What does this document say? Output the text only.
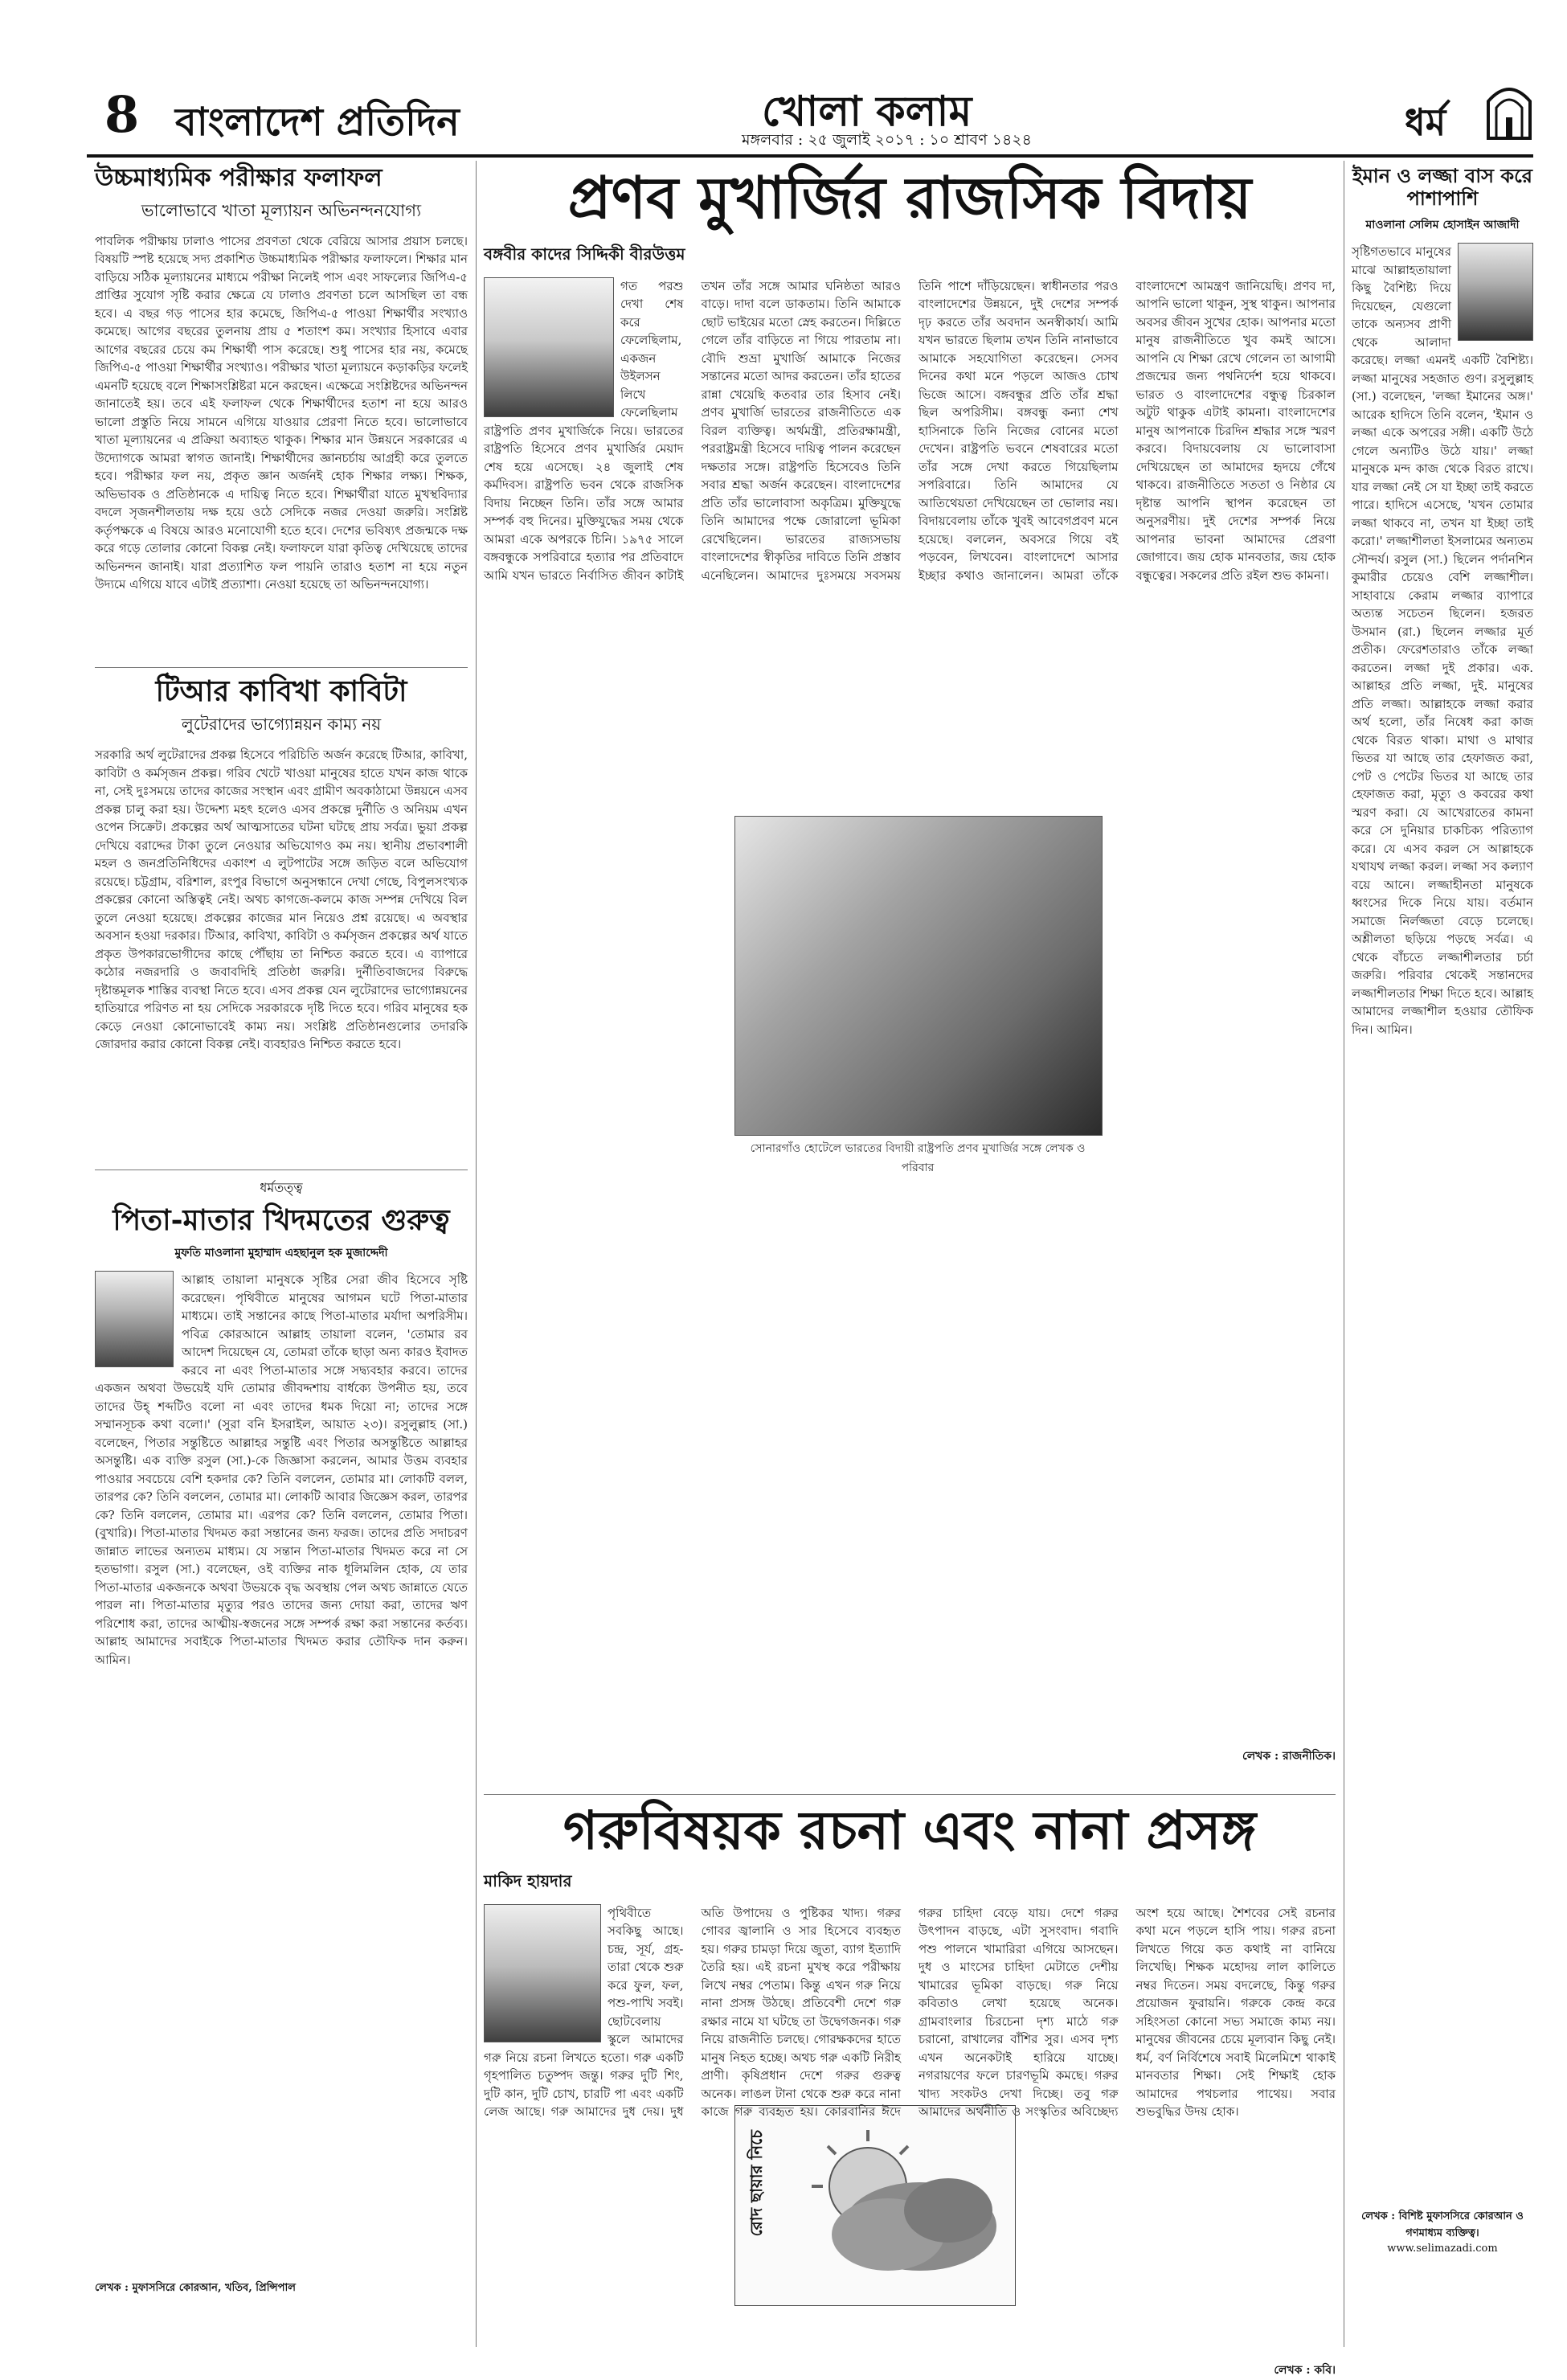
8 বাংলাদেশ প্রতিদিন	খোলা কলাম
মঙ্গলবার : ২৫ জুলাই ২০১৭ : ১০ শ্রাবণ ১৪২৪	ধর্ম
উচ্চমাধ্যমিক পরীক্ষার ফলাফল
ভালোভাবে খাতা মূল্যায়ন অভিনন্দনযোগ্য
পাবলিক পরীক্ষায় ঢালাও পাসের প্রবণতা থেকে বেরিয়ে আসার প্রয়াস চলছে। বিষয়টি স্পষ্ট হয়েছে সদ্য প্রকাশিত উচ্চমাধ্যমিক পরীক্ষার ফলাফলে। শিক্ষার মান বাড়িয়ে সঠিক মূল্যায়নের মাধ্যমে পরীক্ষা নিলেই পাস এবং সাফল্যের জিপিএ-৫ প্রাপ্তির সুযোগ সৃষ্টি করার ক্ষেত্রে যে ঢালাও প্রবণতা চলে আসছিল তা বন্ধ হবে। এ বছর গড় পাসের হার কমেছে, জিপিএ-৫ পাওয়া শিক্ষার্থীর সংখ্যাও কমেছে। আগের বছরের তুলনায় প্রায় ৫ শতাংশ কম। সংখ্যার হিসাবে এবার আগের বছরের চেয়ে কম শিক্ষার্থী পাস করেছে। শুধু পাসের হার নয়, কমেছে জিপিএ-৫ পাওয়া শিক্ষার্থীর সংখ্যাও। পরীক্ষার খাতা মূল্যায়নে কড়াকড়ির ফলেই এমনটি হয়েছে বলে শিক্ষাসংশ্লিষ্টরা মনে করছেন। এক্ষেত্রে সংশ্লিষ্টদের অভিনন্দন জানাতেই হয়। তবে এই ফলাফল থেকে শিক্ষার্থীদের হতাশ না হয়ে আরও ভালো প্রস্তুতি নিয়ে সামনে এগিয়ে যাওয়ার প্রেরণা নিতে হবে। ভালোভাবে খাতা মূল্যায়নের এ প্রক্রিয়া অব্যাহত থাকুক। শিক্ষার মান উন্নয়নে সরকারের এ উদ্যোগকে আমরা স্বাগত জানাই। শিক্ষার্থীদের জ্ঞানচর্চায় আগ্রহী করে তুলতে হবে। পরীক্ষার ফল নয়, প্রকৃত জ্ঞান অর্জনই হোক শিক্ষার লক্ষ্য। শিক্ষক, অভিভাবক ও প্রতিষ্ঠানকে এ দায়িত্ব নিতে হবে। শিক্ষার্থীরা যাতে মুখস্থবিদ্যার বদলে সৃজনশীলতায় দক্ষ হয়ে ওঠে সেদিকে নজর দেওয়া জরুরি। সংশ্লিষ্ট কর্তৃপক্ষকে এ বিষয়ে আরও মনোযোগী হতে হবে। দেশের ভবিষ্যৎ প্রজন্মকে দক্ষ করে গড়ে তোলার কোনো বিকল্প নেই। ফলাফলে যারা কৃতিত্ব দেখিয়েছে তাদের অভিনন্দন জানাই। যারা প্রত্যাশিত ফল পায়নি তারাও হতাশ না হয়ে নতুন উদ্যমে এগিয়ে যাবে এটাই প্রত্যাশা। নেওয়া হয়েছে তা অভিনন্দনযোগ্য।
টিআর কাবিখা কাবিটা
লুটেরাদের ভাগ্যোন্নয়ন কাম্য নয়
সরকারি অর্থ লুটেরাদের প্রকল্প হিসেবে পরিচিতি অর্জন করেছে টিআর, কাবিখা, কাবিটা ও কর্মসৃজন প্রকল্প। গরিব খেটে খাওয়া মানুষের হাতে যখন কাজ থাকে না, সেই দুঃসময়ে তাদের কাজের সংস্থান এবং গ্রামীণ অবকাঠামো উন্নয়নে এসব প্রকল্প চালু করা হয়। উদ্দেশ্য মহৎ হলেও এসব প্রকল্পে দুর্নীতি ও অনিয়ম এখন ওপেন সিক্রেট। প্রকল্পের অর্থ আত্মসাতের ঘটনা ঘটছে প্রায় সর্বত্র। ভুয়া প্রকল্প দেখিয়ে বরাদ্দের টাকা তুলে নেওয়ার অভিযোগও কম নয়। স্থানীয় প্রভাবশালী মহল ও জনপ্রতিনিধিদের একাংশ এ লুটপাটের সঙ্গে জড়িত বলে অভিযোগ রয়েছে। চট্টগ্রাম, বরিশাল, রংপুর বিভাগে অনুসন্ধানে দেখা গেছে, বিপুলসংখ্যক প্রকল্পের কোনো অস্তিত্বই নেই। অথচ কাগজে-কলমে কাজ সম্পন্ন দেখিয়ে বিল তুলে নেওয়া হয়েছে। প্রকল্পের কাজের মান নিয়েও প্রশ্ন রয়েছে। এ অবস্থার অবসান হওয়া দরকার। টিআর, কাবিখা, কাবিটা ও কর্মসৃজন প্রকল্পের অর্থ যাতে প্রকৃত উপকারভোগীদের কাছে পৌঁছায় তা নিশ্চিত করতে হবে। এ ব্যাপারে কঠোর নজরদারি ও জবাবদিহি প্রতিষ্ঠা জরুরি। দুর্নীতিবাজদের বিরুদ্ধে দৃষ্টান্তমূলক শাস্তির ব্যবস্থা নিতে হবে। এসব প্রকল্প যেন লুটেরাদের ভাগ্যোন্নয়নের হাতিয়ারে পরিণত না হয় সেদিকে সরকারকে দৃষ্টি দিতে হবে। গরিব মানুষের হক কেড়ে নেওয়া কোনোভাবেই কাম্য নয়। সংশ্লিষ্ট প্রতিষ্ঠানগুলোর তদারকি জোরদার করার কোনো বিকল্প নেই। ব্যবহারও নিশ্চিত করতে হবে।
ধর্মতত্ত্ব
পিতা-মাতার খিদমতের গুরুত্ব
মুফতি মাওলানা মুহাম্মাদ এহছানুল হক মুজাদ্দেদী
আল্লাহ তায়ালা মানুষকে সৃষ্টির সেরা জীব হিসেবে সৃষ্টি করেছেন। পৃথিবীতে মানুষের আগমন ঘটে পিতা-মাতার মাধ্যমে। তাই সন্তানের কাছে পিতা-মাতার মর্যাদা অপরিসীম। পবিত্র কোরআনে আল্লাহ তায়ালা বলেন, 'তোমার রব আদেশ দিয়েছেন যে, তোমরা তাঁকে ছাড়া অন্য কারও ইবাদত করবে না এবং পিতা-মাতার সঙ্গে সদ্ব্যবহার করবে। তাদের একজন অথবা উভয়েই যদি তোমার জীবদ্দশায় বার্ধক্যে উপনীত হয়, তবে তাদের উহ্‌ শব্দটিও বলো না এবং তাদের ধমক দিয়ো না; তাদের সঙ্গে সম্মানসূচক কথা বলো।' (সুরা বনি ইসরাইল, আয়াত ২৩)। রসুলুল্লাহ (সা.) বলেছেন, পিতার সন্তুষ্টিতে আল্লাহর সন্তুষ্টি এবং পিতার অসন্তুষ্টিতে আল্লাহর অসন্তুষ্টি। এক ব্যক্তি রসুল (সা.)-কে জিজ্ঞাসা করলেন, আমার উত্তম ব্যবহার পাওয়ার সবচেয়ে বেশি হকদার কে? তিনি বললেন, তোমার মা। লোকটি বলল, তারপর কে? তিনি বললেন, তোমার মা। লোকটি আবার জিজ্ঞেস করল, তারপর কে? তিনি বললেন, তোমার মা। এরপর কে? তিনি বললেন, তোমার পিতা। (বুখারি)। পিতা-মাতার খিদমত করা সন্তানের জন্য ফরজ। তাদের প্রতি সদাচরণ জান্নাত লাভের অন্যতম মাধ্যম। যে সন্তান পিতা-মাতার খিদমত করে না সে হতভাগা। রসুল (সা.) বলেছেন, ওই ব্যক্তির নাক ধূলিমলিন হোক, যে তার পিতা-মাতার একজনকে অথবা উভয়কে বৃদ্ধ অবস্থায় পেল অথচ জান্নাতে যেতে পারল না। পিতা-মাতার মৃত্যুর পরও তাদের জন্য দোয়া করা, তাদের ঋণ পরিশোধ করা, তাদের আত্মীয়-স্বজনের সঙ্গে সম্পর্ক রক্ষা করা সন্তানের কর্তব্য। আল্লাহ আমাদের সবাইকে পিতা-মাতার খিদমত করার তৌফিক দান করুন। আমিন।
লেখক : মুফাসসিরে কোরআন, খতিব, প্রিন্সিপাল
প্রণব মুখার্জির রাজসিক বিদায়
বঙ্গবীর কাদের সিদ্দিকী বীরউত্তম
সোনারগাঁও হোটেলে ভারতের বিদায়ী রাষ্ট্রপতি প্রণব মুখার্জির সঙ্গে লেখক ও পরিবার
গত পরশু দেখা শেষ করে ফেলেছিলাম, একজন উইলসন লিখে ফেলেছিলাম রাষ্ট্রপতি প্রণব মুখার্জিকে নিয়ে। ভারতের রাষ্ট্রপতি হিসেবে প্রণব মুখার্জির মেয়াদ শেষ হয়ে এসেছে। ২৪ জুলাই শেষ কর্মদিবস। রাষ্ট্রপতি ভবন থেকে রাজসিক বিদায় নিচ্ছেন তিনি। তাঁর সঙ্গে আমার সম্পর্ক বহু দিনের। মুক্তিযুদ্ধের সময় থেকে আমরা একে অপরকে চিনি। ১৯৭৫ সালে বঙ্গবন্ধুকে সপরিবারে হত্যার পর প্রতিবাদে আমি যখন ভারতে নির্বাসিত জীবন কাটাই তখন তাঁর সঙ্গে আমার ঘনিষ্ঠতা আরও বাড়ে। দাদা বলে ডাকতাম। তিনি আমাকে ছোট ভাইয়ের মতো স্নেহ করতেন। দিল্লিতে গেলে তাঁর বাড়িতে না গিয়ে পারতাম না। বৌদি শুভ্রা মুখার্জি আমাকে নিজের সন্তানের মতো আদর করতেন। তাঁর হাতের রান্না খেয়েছি কতবার তার হিসাব নেই। প্রণব মুখার্জি ভারতের রাজনীতিতে এক বিরল ব্যক্তিত্ব। অর্থমন্ত্রী, প্রতিরক্ষামন্ত্রী, পররাষ্ট্রমন্ত্রী হিসেবে দায়িত্ব পালন করেছেন দক্ষতার সঙ্গে। রাষ্ট্রপতি হিসেবেও তিনি সবার শ্রদ্ধা অর্জন করেছেন। বাংলাদেশের প্রতি তাঁর ভালোবাসা অকৃত্রিম। মুক্তিযুদ্ধে তিনি আমাদের পক্ষে জোরালো ভূমিকা রেখেছিলেন। ভারতের রাজ্যসভায় বাংলাদেশের স্বীকৃতির দাবিতে তিনি প্রস্তাব এনেছিলেন। আমাদের দুঃসময়ে সবসময় তিনি পাশে দাঁড়িয়েছেন। স্বাধীনতার পরও বাংলাদেশের উন্নয়নে, দুই দেশের সম্পর্ক দৃঢ় করতে তাঁর অবদান অনস্বীকার্য। আমি যখন ভারতে ছিলাম তখন তিনি নানাভাবে আমাকে সহযোগিতা করেছেন। সেসব দিনের কথা মনে পড়লে আজও চোখ ভিজে আসে। বঙ্গবন্ধুর প্রতি তাঁর শ্রদ্ধা ছিল অপরিসীম। বঙ্গবন্ধু কন্যা শেখ হাসিনাকে তিনি নিজের বোনের মতো দেখেন। রাষ্ট্রপতি ভবনে শেষবারের মতো তাঁর সঙ্গে দেখা করতে গিয়েছিলাম সপরিবারে। তিনি আমাদের যে আতিথেয়তা দেখিয়েছেন তা ভোলার নয়। বিদায়বেলায় তাঁকে খুবই আবেগপ্রবণ মনে হয়েছে। বললেন, অবসরে গিয়ে বই পড়বেন, লিখবেন। বাংলাদেশে আসার ইচ্ছার কথাও জানালেন। আমরা তাঁকে বাংলাদেশে আমন্ত্রণ জানিয়েছি। প্রণব দা, আপনি ভালো থাকুন, সুস্থ থাকুন। আপনার অবসর জীবন সুখের হোক। আপনার মতো মানুষ রাজনীতিতে খুব কমই আসে। আপনি যে শিক্ষা রেখে গেলেন তা আগামী প্রজন্মের জন্য পথনির্দেশ হয়ে থাকবে। ভারত ও বাংলাদেশের বন্ধুত্ব চিরকাল অটুট থাকুক এটাই কামনা। বাংলাদেশের মানুষ আপনাকে চিরদিন শ্রদ্ধার সঙ্গে স্মরণ করবে। বিদায়বেলায় যে ভালোবাসা দেখিয়েছেন তা আমাদের হৃদয়ে গেঁথে থাকবে। রাজনীতিতে সততা ও নিষ্ঠার যে দৃষ্টান্ত আপনি স্থাপন করেছেন তা অনুসরণীয়। দুই দেশের সম্পর্ক নিয়ে আপনার ভাবনা আমাদের প্রেরণা জোগাবে। জয় হোক মানবতার, জয় হোক বন্ধুত্বের। সকলের প্রতি রইল শুভ কামনা।
লেখক : রাজনীতিক।
গরুবিষয়ক রচনা এবং নানা প্রসঙ্গ
মাকিদ হায়দার
রোদ ছায়ার নিচে
পৃথিবীতে সবকিছু আছে। চন্দ্র, সূর্য, গ্রহ-তারা থেকে শুরু করে ফুল, ফল, পশু-পাখি সবই। ছোটবেলায় স্কুলে আমাদের গরু নিয়ে রচনা লিখতে হতো। গরু একটি গৃহপালিত চতুষ্পদ জন্তু। গরুর দুটি শিং, দুটি কান, দুটি চোখ, চারটি পা এবং একটি লেজ আছে। গরু আমাদের দুধ দেয়। দুধ অতি উপাদেয় ও পুষ্টিকর খাদ্য। গরুর গোবর জ্বালানি ও সার হিসেবে ব্যবহৃত হয়। গরুর চামড়া দিয়ে জুতা, ব্যাগ ইত্যাদি তৈরি হয়। এই রচনা মুখস্থ করে পরীক্ষায় লিখে নম্বর পেতাম। কিন্তু এখন গরু নিয়ে নানা প্রসঙ্গ উঠছে। প্রতিবেশী দেশে গরু রক্ষার নামে যা ঘটছে তা উদ্বেগজনক। গরু নিয়ে রাজনীতি চলছে। গোরক্ষকদের হাতে মানুষ নিহত হচ্ছে। অথচ গরু একটি নিরীহ প্রাণী। কৃষিপ্রধান দেশে গরুর গুরুত্ব অনেক। লাঙল টানা থেকে শুরু করে নানা কাজে গরু ব্যবহৃত হয়। কোরবানির ঈদে গরুর চাহিদা বেড়ে যায়। দেশে গরুর উৎপাদন বাড়ছে, এটা সুসংবাদ। গবাদি পশু পালনে খামারিরা এগিয়ে আসছেন। দুধ ও মাংসের চাহিদা মেটাতে দেশীয় খামারের ভূমিকা বাড়ছে। গরু নিয়ে কবিতাও লেখা হয়েছে অনেক। গ্রামবাংলার চিরচেনা দৃশ্য মাঠে গরু চরানো, রাখালের বাঁশির সুর। এসব দৃশ্য এখন অনেকটাই হারিয়ে যাচ্ছে। নগরায়ণের ফলে চারণভূমি কমছে। গরুর খাদ্য সংকটও দেখা দিচ্ছে। তবু গরু আমাদের অর্থনীতি ও সংস্কৃতির অবিচ্ছেদ্য অংশ হয়ে আছে। শৈশবের সেই রচনার কথা মনে পড়লে হাসি পায়। গরুর রচনা লিখতে গিয়ে কত কথাই না বানিয়ে লিখেছি। শিক্ষক মহোদয় লাল কালিতে নম্বর দিতেন। সময় বদলেছে, কিন্তু গরুর প্রয়োজন ফুরায়নি। গরুকে কেন্দ্র করে সহিংসতা কোনো সভ্য সমাজে কাম্য নয়। মানুষের জীবনের চেয়ে মূল্যবান কিছু নেই। ধর্ম, বর্ণ নির্বিশেষে সবাই মিলেমিশে থাকাই মানবতার শিক্ষা। সেই শিক্ষাই হোক আমাদের পথচলার পাথেয়। সবার শুভবুদ্ধির উদয় হোক।
লেখক : কবি।
ইমান ও লজ্জা বাস করে পাশাপাশি
মাওলানা সেলিম হোসাইন আজাদী
সৃষ্টিগতভাবে মানুষের মাঝে আল্লাহতায়ালা কিছু বৈশিষ্ট্য দিয়ে দিয়েছেন, যেগুলো তাকে অন্যসব প্রাণী থেকে আলাদা করেছে। লজ্জা এমনই একটি বৈশিষ্ট্য। লজ্জা মানুষের সহজাত গুণ। রসুলুল্লাহ (সা.) বলেছেন, 'লজ্জা ইমানের অঙ্গ।' আরেক হাদিসে তিনি বলেন, 'ইমান ও লজ্জা একে অপরের সঙ্গী। একটি উঠে গেলে অন্যটিও উঠে যায়।' লজ্জা মানুষকে মন্দ কাজ থেকে বিরত রাখে। যার লজ্জা নেই সে যা ইচ্ছা তাই করতে পারে। হাদিসে এসেছে, 'যখন তোমার লজ্জা থাকবে না, তখন যা ইচ্ছা তাই করো।' লজ্জাশীলতা ইসলামের অন্যতম সৌন্দর্য। রসুল (সা.) ছিলেন পর্দানশিন কুমারীর চেয়েও বেশি লজ্জাশীল। সাহাবায়ে কেরাম লজ্জার ব্যাপারে অত্যন্ত সচেতন ছিলেন। হজরত উসমান (রা.) ছিলেন লজ্জার মূর্ত প্রতীক। ফেরেশতারাও তাঁকে লজ্জা করতেন। লজ্জা দুই প্রকার। এক. আল্লাহর প্রতি লজ্জা, দুই. মানুষের প্রতি লজ্জা। আল্লাহকে লজ্জা করার অর্থ হলো, তাঁর নিষেধ করা কাজ থেকে বিরত থাকা। মাথা ও মাথার ভিতর যা আছে তার হেফাজত করা, পেট ও পেটের ভিতর যা আছে তার হেফাজত করা, মৃত্যু ও কবরের কথা স্মরণ করা। যে আখেরাতের কামনা করে সে দুনিয়ার চাকচিক্য পরিত্যাগ করে। যে এসব করল সে আল্লাহকে যথাযথ লজ্জা করল। লজ্জা সব কল্যাণ বয়ে আনে। লজ্জাহীনতা মানুষকে ধ্বংসের দিকে নিয়ে যায়। বর্তমান সমাজে নির্লজ্জতা বেড়ে চলেছে। অশ্লীলতা ছড়িয়ে পড়ছে সর্বত্র। এ থেকে বাঁচতে লজ্জাশীলতার চর্চা জরুরি। পরিবার থেকেই সন্তানদের লজ্জাশীলতার শিক্ষা দিতে হবে। আল্লাহ আমাদের লজ্জাশীল হওয়ার তৌফিক দিন। আমিন।
লেখক : বিশিষ্ট মুফাসসিরে কোরআন ও গণমাধ্যম ব্যক্তিত্ব।
www.selimazadi.com
